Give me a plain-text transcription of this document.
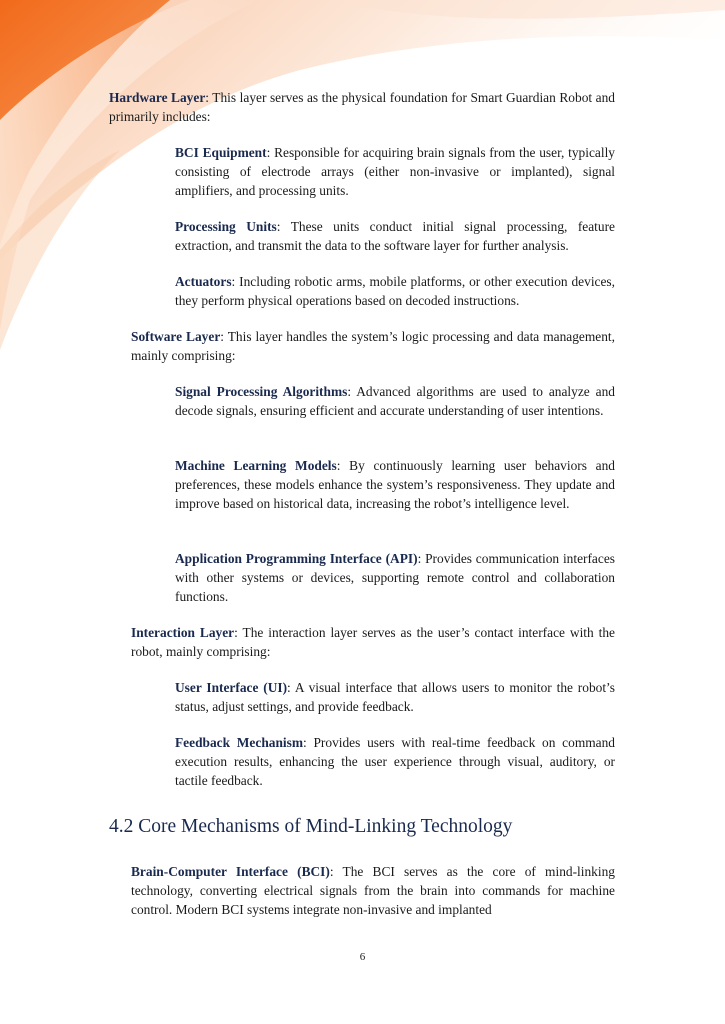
Hardware Layer: This layer serves as the physical foundation for Smart Guardian Robot and primarily includes:

BCI Equipment: Responsible for acquiring brain signals from the user, typically consisting of electrode arrays (either non-invasive or implanted), signal amplifiers, and processing units.

Processing Units: These units conduct initial signal processing, feature extraction, and transmit the data to the software layer for further analysis.

Actuators: Including robotic arms, mobile platforms, or other execution devices, they perform physical operations based on decoded instructions.

Software Layer: This layer handles the system’s logic processing and data management, mainly comprising:

Signal Processing Algorithms: Advanced algorithms are used to analyze and decode signals, ensuring efficient and accurate understanding of user intentions.

Machine Learning Models: By continuously learning user behaviors and preferences, these models enhance the system’s responsiveness. They update and improve based on historical data, increasing the robot’s intelligence level.

Application Programming Interface (API): Provides communication interfaces with other systems or devices, supporting remote control and collaboration functions.

Interaction Layer: The interaction layer serves as the user’s contact interface with the robot, mainly comprising:

User Interface (UI): A visual interface that allows users to monitor the robot’s status, adjust settings, and provide feedback.

Feedback Mechanism: Provides users with real-time feedback on command execution results, enhancing the user experience through visual, auditory, or tactile feedback.

4.2 Core Mechanisms of Mind-Linking Technology

Brain-Computer Interface (BCI): The BCI serves as the core of mind-linking technology, converting electrical signals from the brain into commands for machine control. Modern BCI systems integrate non-invasive and implanted

6
